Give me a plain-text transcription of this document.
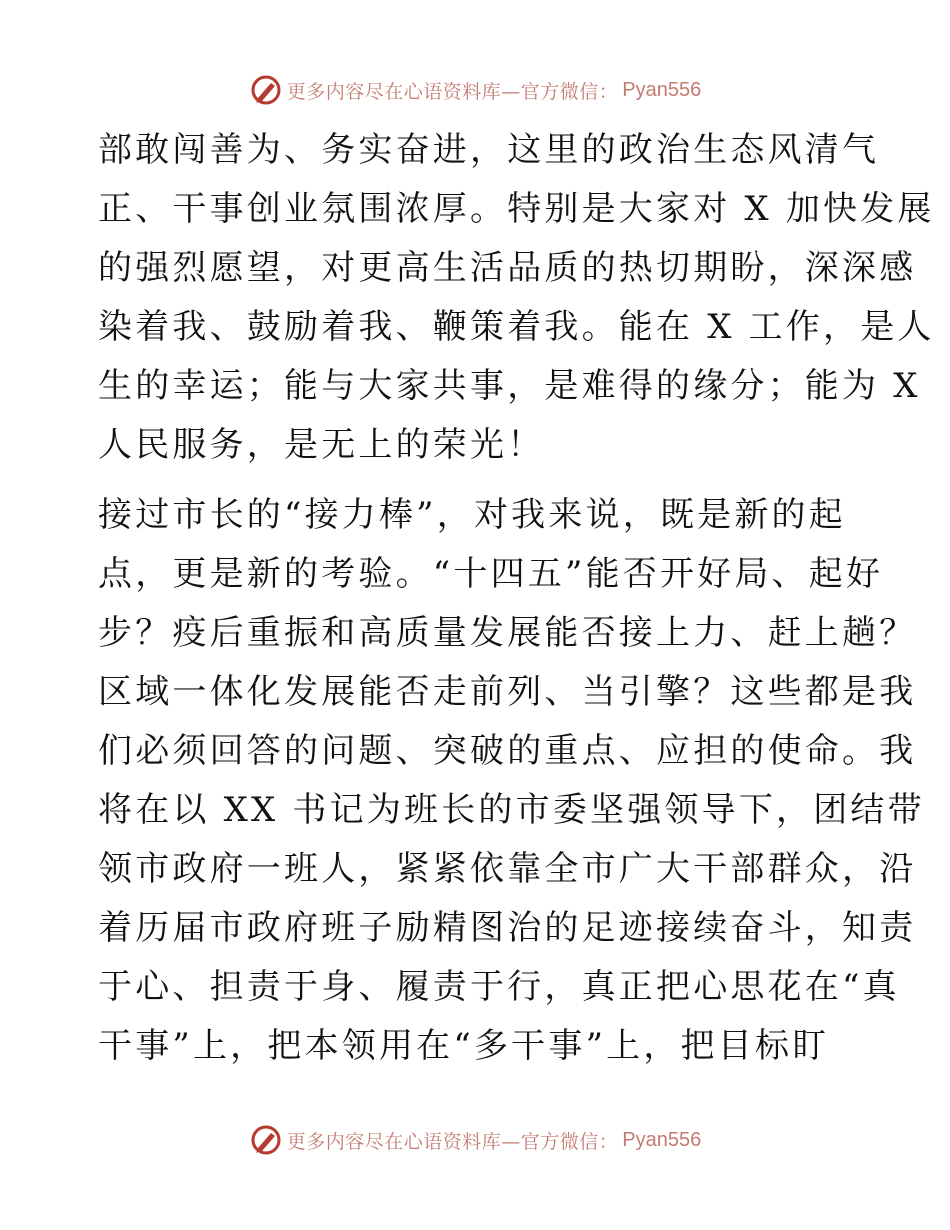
更多内容尽在心语资料库—官方微信： Pyan556

部敢闯善为、务实奋进，这里的政治生态风清气
正、干事创业氛围浓厚。特别是大家对 X 加快发展
的强烈愿望，对更高生活品质的热切期盼，深深感
染着我、鼓励着我、鞭策着我。能在 X 工作，是人
生的幸运；能与大家共事，是难得的缘分；能为 X
人民服务，是无上的荣光！

接过市长的“接力棒”，对我来说，既是新的起
点，更是新的考验。“十四五”能否开好局、起好
步？疫后重振和高质量发展能否接上力、赶上趟？
区域一体化发展能否走前列、当引擎？这些都是我
们必须回答的问题、突破的重点、应担的使命。我
将在以 XX 书记为班长的市委坚强领导下，团结带
领市政府一班人，紧紧依靠全市广大干部群众，沿
着历届市政府班子励精图治的足迹接续奋斗，知责
于心、担责于身、履责于行，真正把心思花在“真
干事”上，把本领用在“多干事”上，把目标盯

更多内容尽在心语资料库—官方微信： Pyan556
